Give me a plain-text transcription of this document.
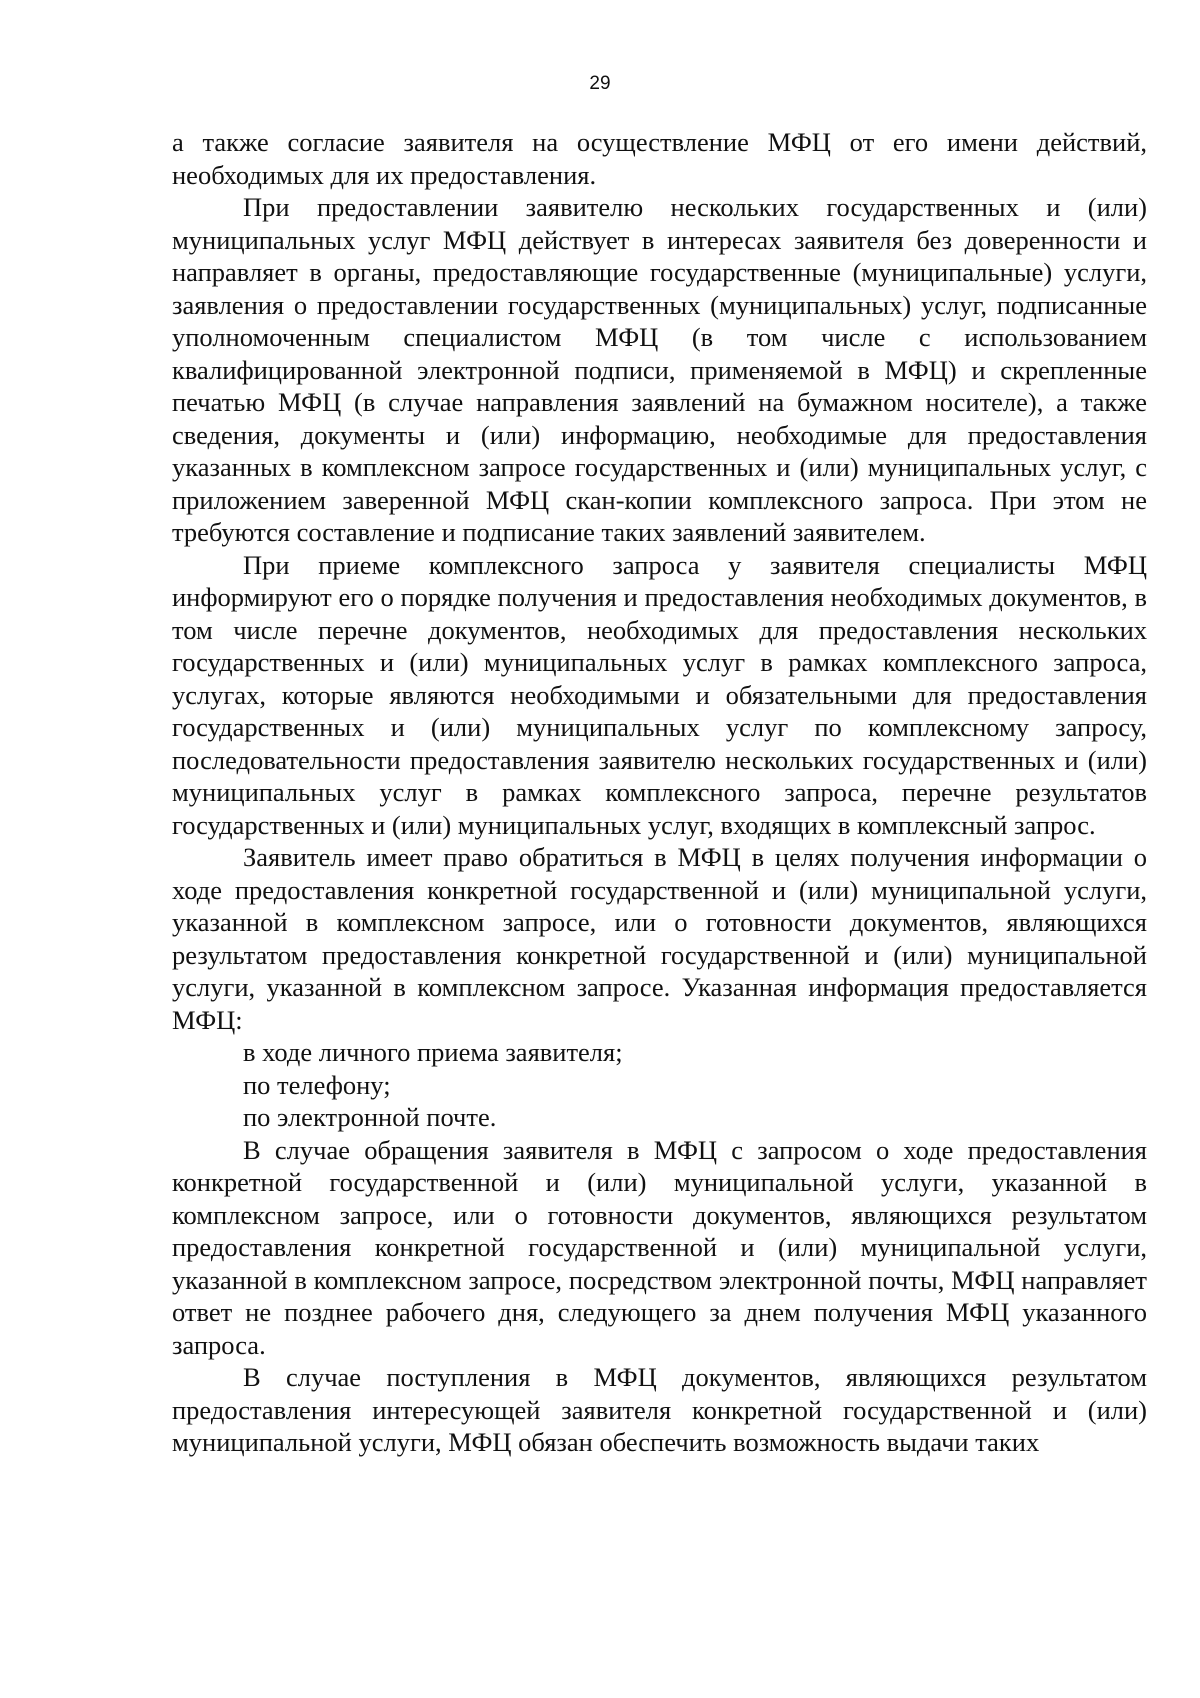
29

а также согласие заявителя на осуществление МФЦ от его имени действий, необходимых для их предоставления.

При предоставлении заявителю нескольких государственных и (или) муниципальных услуг МФЦ действует в интересах заявителя без доверенности и направляет в органы, предоставляющие государственные (муниципальные) услуги, заявления о предоставлении государственных (муниципальных) услуг, подписанные уполномоченным специалистом МФЦ (в том числе с использованием квалифицированной электронной подписи, применяемой в МФЦ) и скрепленные печатью МФЦ (в случае направления заявлений на бумажном носителе), а также сведения, документы и (или) информацию, необходимые для предоставления указанных в комплексном запросе государственных и (или) муниципальных услуг, с приложением заверенной МФЦ скан-копии комплексного запроса. При этом не требуются составление и подписание таких заявлений заявителем.

При приеме комплексного запроса у заявителя специалисты МФЦ информируют его о порядке получения и предоставления необходимых документов, в том числе перечне документов, необходимых для предоставления нескольких государственных и (или) муниципальных услуг в рамках комплексного запроса, услугах, которые являются необходимыми и обязательными для предоставления государственных и (или) муниципальных услуг по комплексному запросу, последовательности предоставления заявителю нескольких государственных и (или) муниципальных услуг в рамках комплексного запроса, перечне результатов государственных и (или) муниципальных услуг, входящих в комплексный запрос.

Заявитель имеет право обратиться в МФЦ в целях получения информации о ходе предоставления конкретной государственной и (или) муниципальной услуги, указанной в комплексном запросе, или о готовности документов, являющихся результатом предоставления конкретной государственной и (или) муниципальной услуги, указанной в комплексном запросе. Указанная информация предоставляется МФЦ:

в ходе личного приема заявителя;

по телефону;

по электронной почте.

В случае обращения заявителя в МФЦ с запросом о ходе предоставления конкретной государственной и (или) муниципальной услуги, указанной в комплексном запросе, или о готовности документов, являющихся результатом предоставления конкретной государственной и (или) муниципальной услуги, указанной в комплексном запросе, посредством электронной почты, МФЦ направляет ответ не позднее рабочего дня, следующего за днем получения МФЦ указанного запроса.

В случае поступления в МФЦ документов, являющихся результатом предоставления интересующей заявителя конкретной государственной и (или) муниципальной услуги, МФЦ обязан обеспечить возможность выдачи таких
